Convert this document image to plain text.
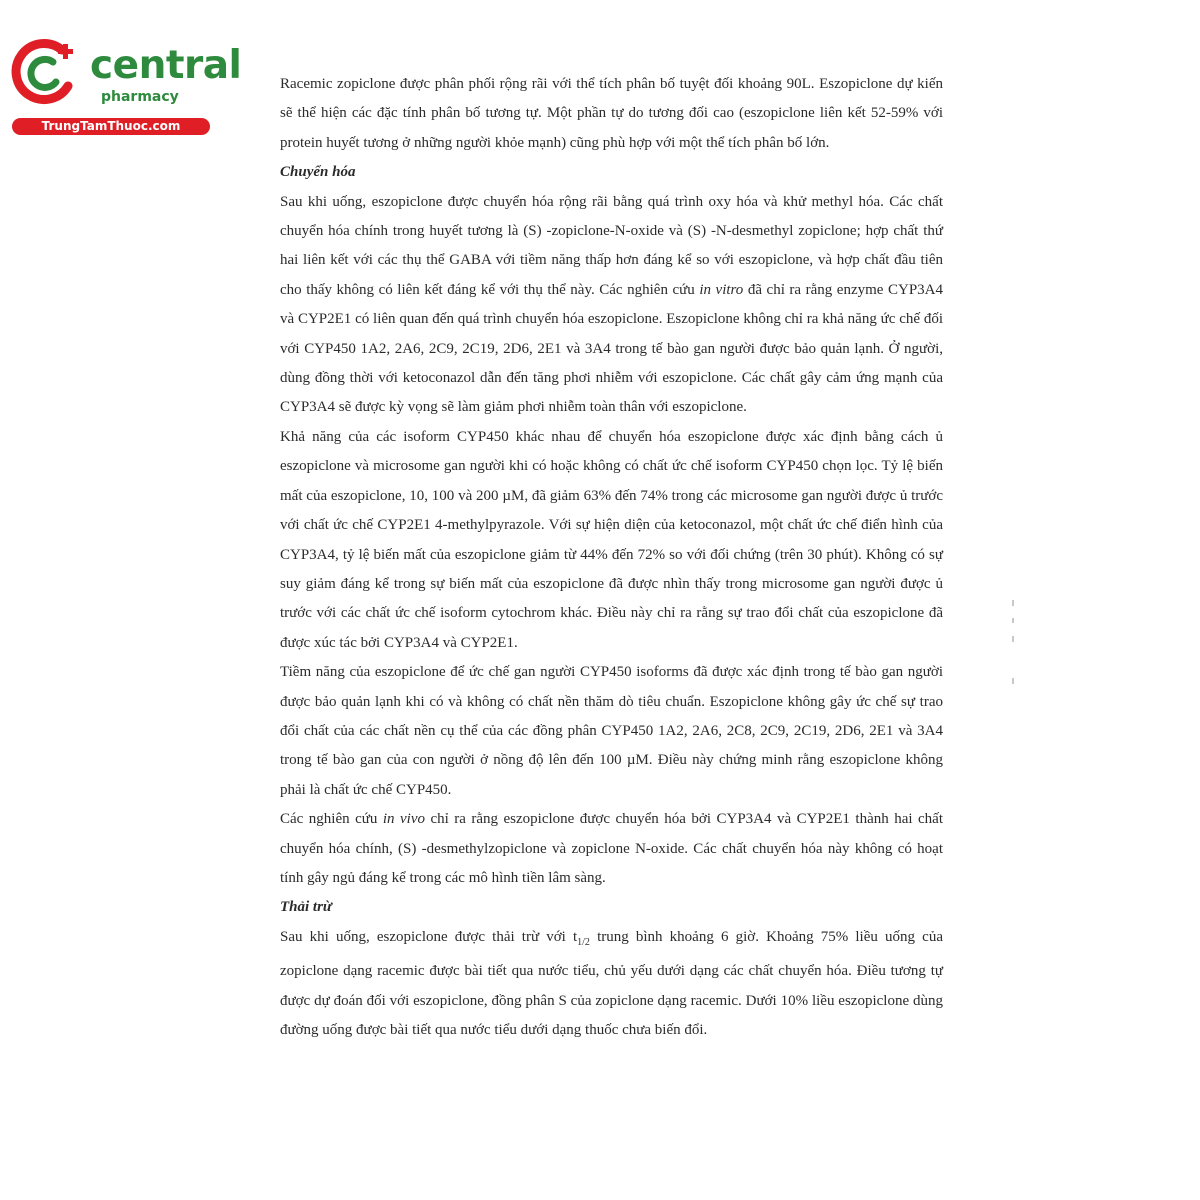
central
pharmacy
TrungTamThuoc.com

Racemic zopiclone được phân phối rộng rãi với thể tích phân bố tuyệt đối khoảng 90L. Eszopiclone dự kiến sẽ thể hiện các đặc tính phân bố tương tự. Một phần tự do tương đối cao (eszopiclone liên kết 52-59% với protein huyết tương ở những người khỏe mạnh) cũng phù hợp với một thể tích phân bố lớn.

Chuyển hóa

Sau khi uống, eszopiclone được chuyển hóa rộng rãi bằng quá trình oxy hóa và khử methyl hóa. Các chất chuyển hóa chính trong huyết tương là (S) -zopiclone-N-oxide và (S) -N-desmethyl zopiclone; hợp chất thứ hai liên kết với các thụ thể GABA với tiềm năng thấp hơn đáng kể so với eszopiclone, và hợp chất đầu tiên cho thấy không có liên kết đáng kể với thụ thể này. Các nghiên cứu in vitro đã chỉ ra rằng enzyme CYP3A4 và CYP2E1 có liên quan đến quá trình chuyển hóa eszopiclone. Eszopiclone không chỉ ra khả năng ức chế đối với CYP450 1A2, 2A6, 2C9, 2C19, 2D6, 2E1 và 3A4 trong tế bào gan người được bảo quản lạnh. Ở người, dùng đồng thời với ketoconazol dẫn đến tăng phơi nhiễm với eszopiclone. Các chất gây cảm ứng mạnh của CYP3A4 sẽ được kỳ vọng sẽ làm giảm phơi nhiễm toàn thân với eszopiclone.

Khả năng của các isoform CYP450 khác nhau để chuyển hóa eszopiclone được xác định bằng cách ủ eszopiclone và microsome gan người khi có hoặc không có chất ức chế isoform CYP450 chọn lọc. Tỷ lệ biến mất của eszopiclone, 10, 100 và 200 µM, đã giảm 63% đến 74% trong các microsome gan người được ủ trước với chất ức chế CYP2E1 4-methylpyrazole. Với sự hiện diện của ketoconazol, một chất ức chế điển hình của CYP3A4, tỷ lệ biến mất của eszopiclone giảm từ 44% đến 72% so với đối chứng (trên 30 phút). Không có sự suy giảm đáng kể trong sự biến mất của eszopiclone đã được nhìn thấy trong microsome gan người được ủ trước với các chất ức chế isoform cytochrom khác. Điều này chỉ ra rằng sự trao đổi chất của eszopiclone đã được xúc tác bởi CYP3A4 và CYP2E1.

Tiềm năng của eszopiclone để ức chế gan người CYP450 isoforms đã được xác định trong tế bào gan người được bảo quản lạnh khi có và không có chất nền thăm dò tiêu chuẩn. Eszopiclone không gây ức chế sự trao đổi chất của các chất nền cụ thể của các đồng phân CYP450 1A2, 2A6, 2C8, 2C9, 2C19, 2D6, 2E1 và 3A4 trong tế bào gan của con người ở nồng độ lên đến 100 µM. Điều này chứng minh rằng eszopiclone không phải là chất ức chế CYP450.

Các nghiên cứu in vivo chỉ ra rằng eszopiclone được chuyển hóa bởi CYP3A4 và CYP2E1 thành hai chất chuyển hóa chính, (S) -desmethylzopiclone và zopiclone N-oxide. Các chất chuyển hóa này không có hoạt tính gây ngủ đáng kể trong các mô hình tiền lâm sàng.

Thải trừ

Sau khi uống, eszopiclone được thải trừ với $t_{1/2}$ trung bình khoảng 6 giờ. Khoảng 75% liều uống của zopiclone dạng racemic được bài tiết qua nước tiểu, chủ yếu dưới dạng các chất chuyển hóa. Điều tương tự được dự đoán đối với eszopiclone, đồng phân S của zopiclone dạng racemic. Dưới 10% liều eszopiclone dùng đường uống được bài tiết qua nước tiểu dưới dạng thuốc chưa biến đổi.
